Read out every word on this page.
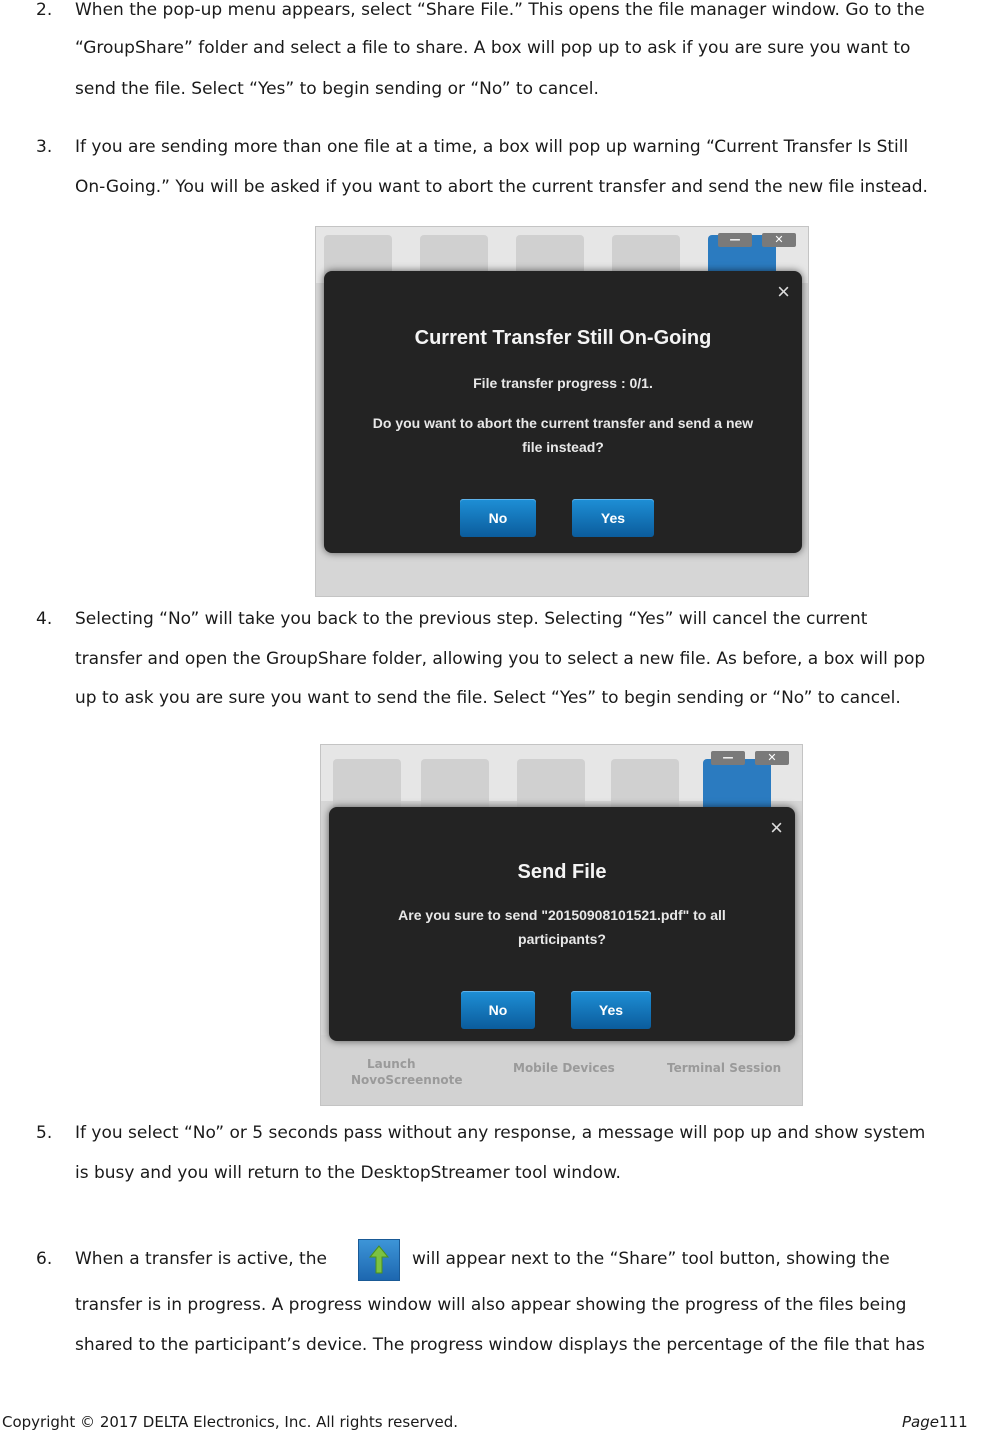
2.	When the pop-up menu appears, select “Share File.” This opens the file manager window. Go to the
“GroupShare” folder and select a file to share. A box will pop up to ask if you are sure you want to
send the file. Select “Yes” to begin sending or “No” to cancel.
3.	If you are sending more than one file at a time, a box will pop up warning “Current Transfer Is Still
On-Going.” You will be asked if you want to abort the current transfer and send the new file instead.
—	✕
×
Current Transfer Still On-Going
File transfer progress : 0/1.
Do you want to abort the current transfer and send a new
file instead?
No	Yes
4.	Selecting “No” will take you back to the previous step. Selecting “Yes” will cancel the current
transfer and open the GroupShare folder, allowing you to select a new file. As before, a box will pop
up to ask you are sure you want to send the file. Select “Yes” to begin sending or “No” to cancel.
—	✕
Launch
NovoScreennote
Mobile Devices	Terminal Session
×
Send File
Are you sure to send "20150908101521.pdf" to all
participants?
No	Yes
5.	If you select “No” or 5 seconds pass without any response, a message will pop up and show system
is busy and you will return to the DesktopStreamer tool window.
6.	When a transfer is active, the	will appear next to the “Share” tool button, showing the
transfer is in progress. A progress window will also appear showing the progress of the files being
shared to the participant’s device. The progress window displays the percentage of the file that has
Copyright © 2017 DELTA Electronics, Inc. All rights reserved.	Page111
